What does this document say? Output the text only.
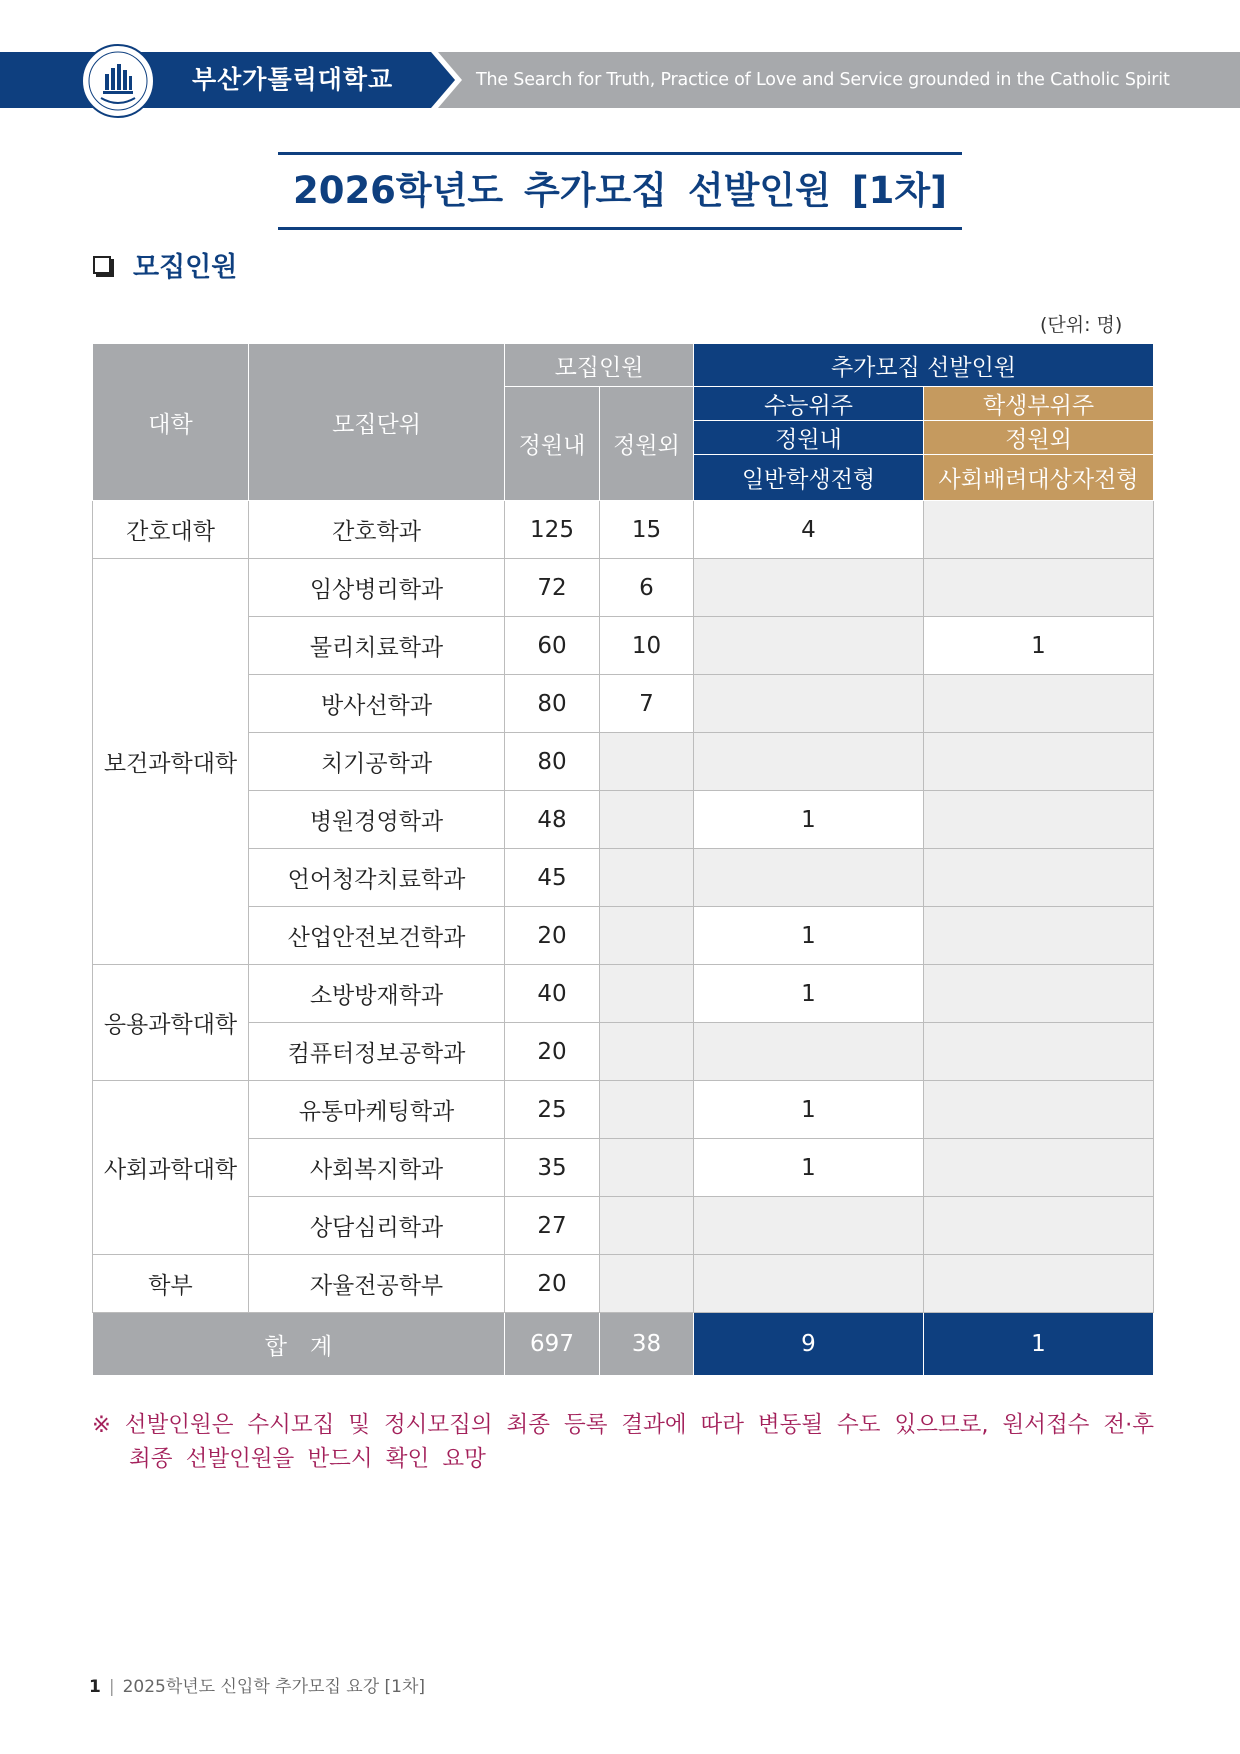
부산가톨릭대학교	The Search for Truth, Practice of Love and Service grounded in the Catholic Spirit
2026학년도 추가모집 선발인원 [1차]
모집인원
(단위: 명)
대학	모집단위	모집인원		추가모집 선발인원	
		정원내	정원외	수능위주	학생부위주
				정원내	정원외
				일반학생전형	사회배려대상자전형
간호대학	간호학과	125	15	4	
보건과학대학	임상병리학과	72	6		
	물리치료학과	60	10		1
	방사선학과	80	7		
	치기공학과	80			
	병원경영학과	48		1	
	언어청각치료학과	45			
	산업안전보건학과	20		1	
응용과학대학	소방방재학과	40		1	
	컴퓨터정보공학과	20			
사회과학대학	유통마케팅학과	25		1	
	사회복지학과	35		1	
	상담심리학과	27			
학부	자율전공학부	20			
합　계		697	38	9	1
※ 선발인원은 수시모집 및 정시모집의 최종 등록 결과에 따라 변동될 수도 있으므로, 원서접수 전·후
최종 선발인원을 반드시 확인 요망
1 | 2025학년도 신입학 추가모집 요강 [1차]
